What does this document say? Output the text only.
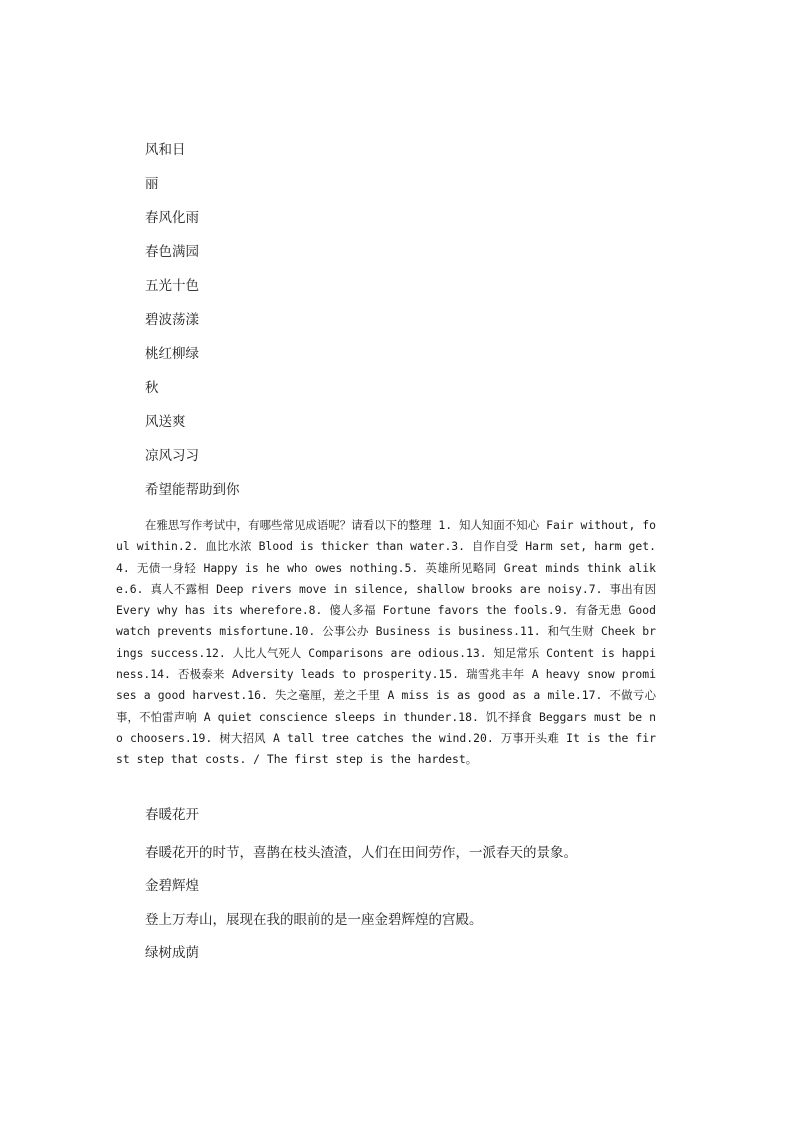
风和日
丽
春风化雨
春色满园
五光十色
碧波荡漾
桃红柳绿
秋
风送爽
凉风习习
希望能帮助到你
在雅思写作考试中，有哪些常见成语呢？请看以下的整理 1. 知人知面不知心 Fair without, foul within.2. 血比水浓 Blood is thicker than water.3. 自作自受 Harm set, harm get.4. 无债一身轻 Happy is he who owes nothing.5. 英雄所见略同 Great minds think alike.6. 真人不露相 Deep rivers move in silence, shallow brooks are noisy.7. 事出有因 Every why has its wherefore.8. 傻人多福 Fortune favors the fools.9. 有备无患 Good watch prevents misfortune.10. 公事公办 Business is business.11. 和气生财 Cheek brings success.12. 人比人气死人 Comparisons are odious.13. 知足常乐 Content is happiness.14. 否极泰来 Adversity leads to prosperity.15. 瑞雪兆丰年 A heavy snow promises a good harvest.16. 失之毫厘，差之千里 A miss is as good as a mile.17. 不做亏心事，不怕雷声响 A quiet conscience sleeps in thunder.18. 饥不择食 Beggars must be no choosers.19. 树大招风 A tall tree catches the wind.20. 万事开头难 It is the first step that costs. / The first step is the hardest。
春暖花开
春暖花开的时节，喜鹊在枝头渣渣，人们在田间劳作，一派春天的景象。
金碧辉煌
登上万寿山，展现在我的眼前的是一座金碧辉煌的宫殿。
绿树成荫
